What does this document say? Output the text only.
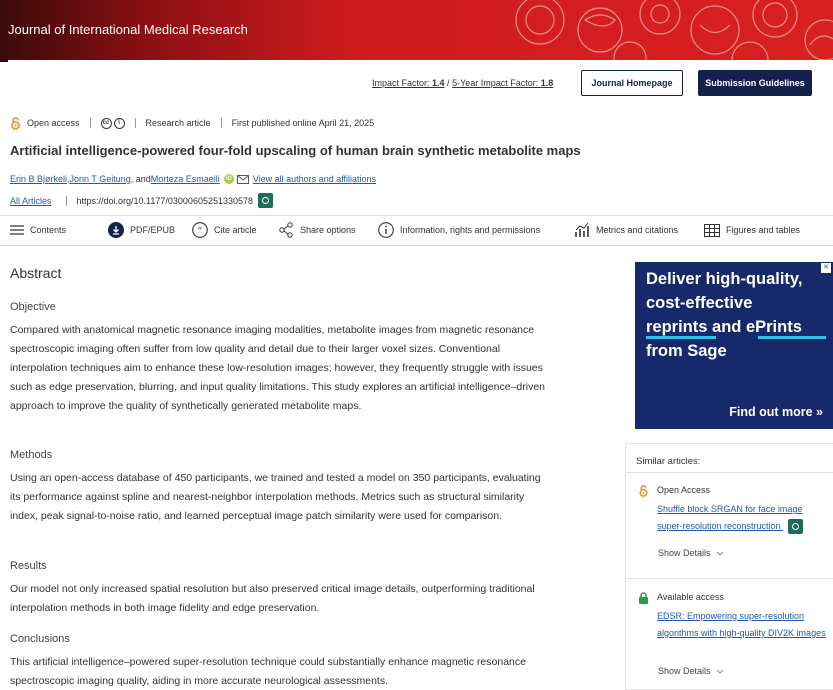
Journal of International Medical Research
Impact Factor: 1.4 / 5-Year Impact Factor: 1.8	Journal Homepage	Submission Guidelines
Open access	cc	i	Research article First published online April 21, 2025
Artificial intelligence-powered four-fold upscaling of human brain synthetic metabolite maps
Erin B Bjørkeli , Jonn T Geitung , and Morteza Esmaeili	iD View all authors and affiliations
All Articles	https://doi.org/10.1177/03000605251330578
Contents	PDF/EPUB	“ Cite article	Share options	Information, rights and permissions	Metrics and citations	Figures and tables
Abstract
Objective
Compared with anatomical magnetic resonance imaging modalities, metabolite images from magnetic resonance spectroscopic imaging often suffer from low quality and detail due to their larger voxel sizes. Conventional interpolation techniques aim to enhance these low-resolution images; however, they frequently struggle with issues such as edge preservation, blurring, and input quality limitations. This study explores an artificial intelligence–driven approach to improve the quality of synthetically generated metabolite maps.
Methods
Using an open-access database of 450 participants, we trained and tested a model on 350 participants, evaluating its performance against spline and nearest-neighbor interpolation methods. Metrics such as structural similarity index, peak signal-to-noise ratio, and learned perceptual image patch similarity were used for comparison.
Results
Our model not only increased spatial resolution but also preserved critical image details, outperforming traditional interpolation methods in both image fidelity and edge preservation.
Conclusions
This artificial intelligence–powered super-resolution technique could substantially enhance magnetic resonance spectroscopic imaging quality, aiding in more accurate neurological assessments.
✕
Deliver high-quality,
cost-effective
reprints and ePrints
from Sage
Find out more »
Similar articles:
Open Access
Shuffle block SRGAN for face image super-resolution reconstruction
Show Details

Available access
EDSR: Empowering super-resolution algorithms with high-quality DIV2K images
Show Details
